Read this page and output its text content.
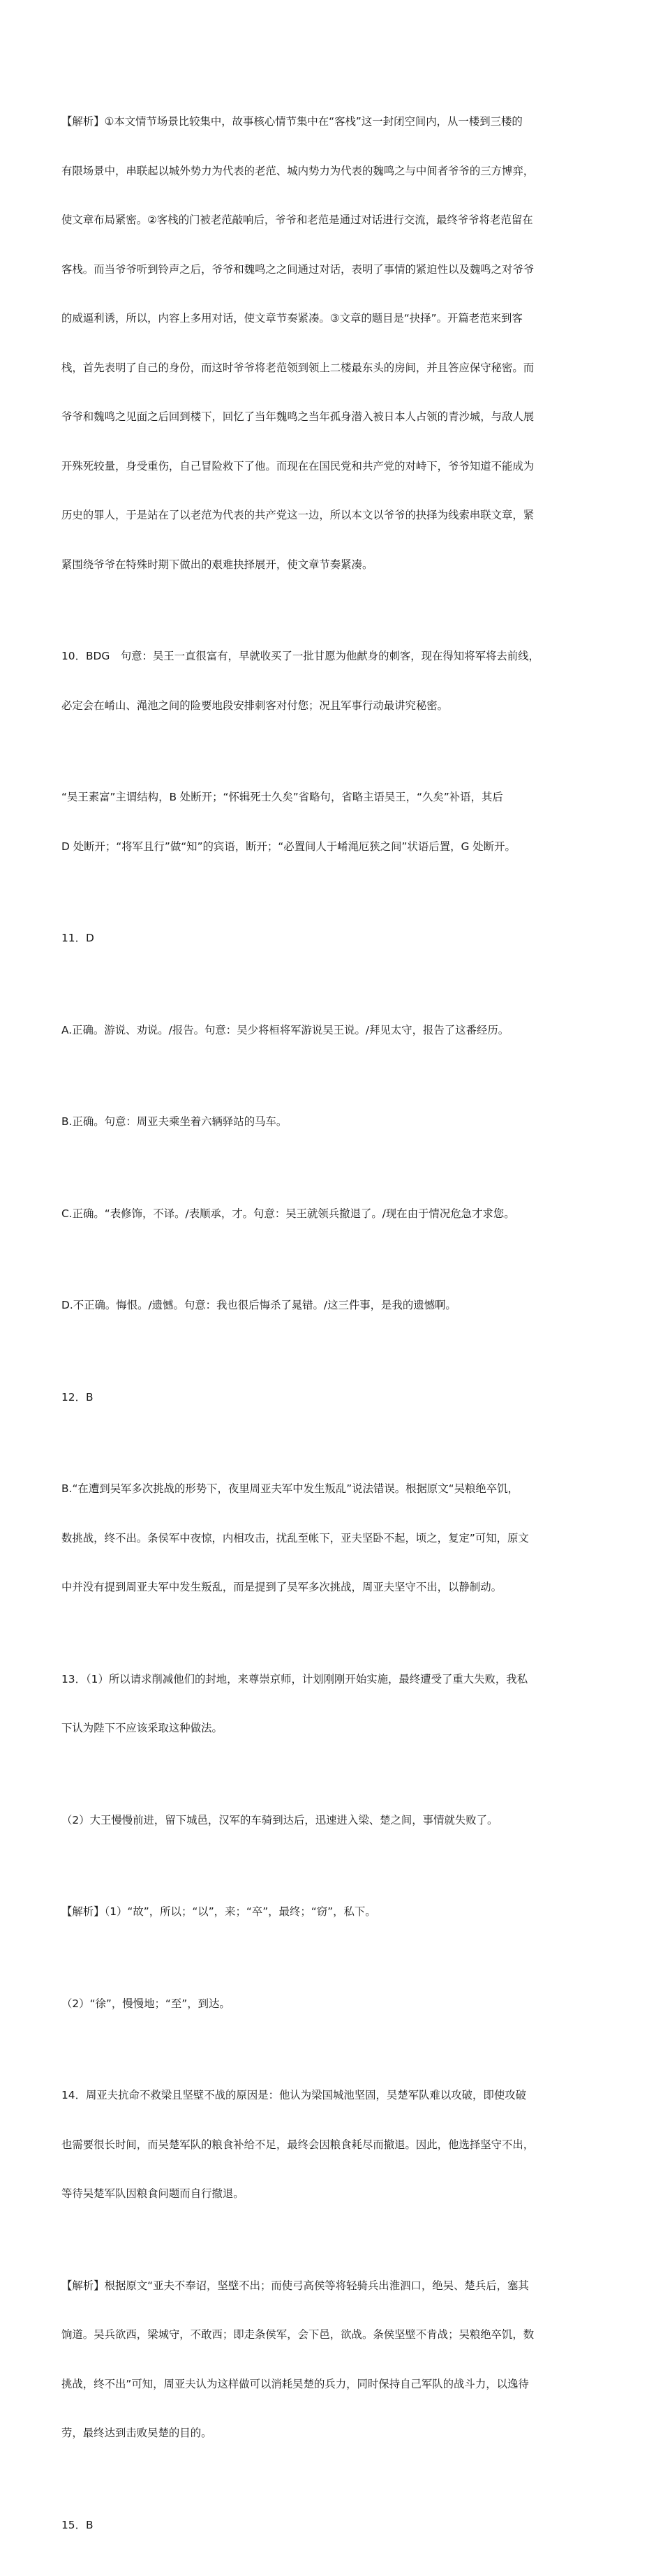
【解析】①本文情节场景比较集中，故事核心情节集中在“客栈”这一封闭空间内，从一楼到三楼的

有限场景中，串联起以城外势力为代表的老范、城内势力为代表的魏鸣之与中间者爷爷的三方博弈，

使文章布局紧密。②客栈的门被老范敲响后，爷爷和老范是通过对话进行交流，最终爷爷将老范留在

客栈。而当爷爷听到铃声之后，爷爷和魏鸣之之间通过对话，表明了事情的紧迫性以及魏鸣之对爷爷

的威逼利诱，所以，内容上多用对话，使文章节奏紧凑。③文章的题目是“抉择”。开篇老范来到客

栈，首先表明了自己的身份，而这时爷爷将老范领到领上二楼最东头的房间，并且答应保守秘密。而

爷爷和魏鸣之见面之后回到楼下，回忆了当年魏鸣之当年孤身潜入被日本人占领的青沙城，与敌人展

开殊死较量，身受重伤，自己冒险救下了他。而现在在国民党和共产党的对峙下，爷爷知道不能成为

历史的罪人，于是站在了以老范为代表的共产党这一边，所以本文以爷爷的抉择为线索串联文章，紧

紧围绕爷爷在特殊时期下做出的艰难抉择展开，使文章节奏紧凑。

10．BDG　句意：吴王一直很富有，早就收买了一批甘愿为他献身的刺客，现在得知将军将去前线，

必定会在崤山、渑池之间的险要地段安排刺客对付您；况且军事行动最讲究秘密。

“吴王素富”主谓结构，B 处断开；“怀辑死士久矣”省略句，省略主语吴王，“久矣”补语，其后

D 处断开；“将军且行”做“知”的宾语，断开；“必置间人于崤渑厄狭之间”状语后置，G 处断开。

11．D

A.正确。游说、劝说。/报告。句意：吴少将桓将军游说吴王说。/拜见太守，报告了这番经历。

B.正确。句意：周亚夫乘坐着六辆驿站的马车。

C.正确。“表修饰，不译。/表顺承，才。句意：吴王就领兵撤退了。/现在由于情况危急才求您。

D.不正确。悔恨。/遗憾。句意：我也很后悔杀了晁错。/这三件事，是我的遗憾啊。

12．B

B.“在遭到吴军多次挑战的形势下，夜里周亚夫军中发生叛乱”说法错误。根据原文“吴粮绝卒饥，

数挑战，终不出。条侯军中夜惊，内相攻击，扰乱至帐下，亚夫坚卧不起，顷之，复定”可知，原文

中并没有提到周亚夫军中发生叛乱，而是提到了吴军多次挑战，周亚夫坚守不出，以静制动。

13．（1）所以请求削减他们的封地，来尊崇京师，计划刚刚开始实施，最终遭受了重大失败，我私

下认为陛下不应该采取这种做法。

（2）大王慢慢前进，留下城邑，汉军的车骑到达后，迅速进入梁、楚之间，事情就失败了。

【解析】（1）“故”，所以；“以”，来；“卒”，最终；“窃”，私下。

（2）“徐”，慢慢地；“至”，到达。

14．周亚夫抗命不救梁且坚壁不战的原因是：他认为梁国城池坚固，吴楚军队难以攻破，即使攻破

也需要很长时间，而吴楚军队的粮食补给不足，最终会因粮食耗尽而撤退。因此，他选择坚守不出，

等待吴楚军队因粮食问题而自行撤退。

【解析】根据原文“亚夫不奉诏，坚壁不出；而使弓高侯等将轻骑兵出淮泗口，绝吴、楚兵后，塞其

饷道。吴兵欲西，梁城守，不敢西；即走条侯军，会下邑，欲战。条侯坚壁不肯战；吴粮绝卒饥，数

挑战，终不出”可知，周亚夫认为这样做可以消耗吴楚的兵力，同时保持自己军队的战斗力，以逸待

劳，最终达到击败吴楚的目的。

15．B
